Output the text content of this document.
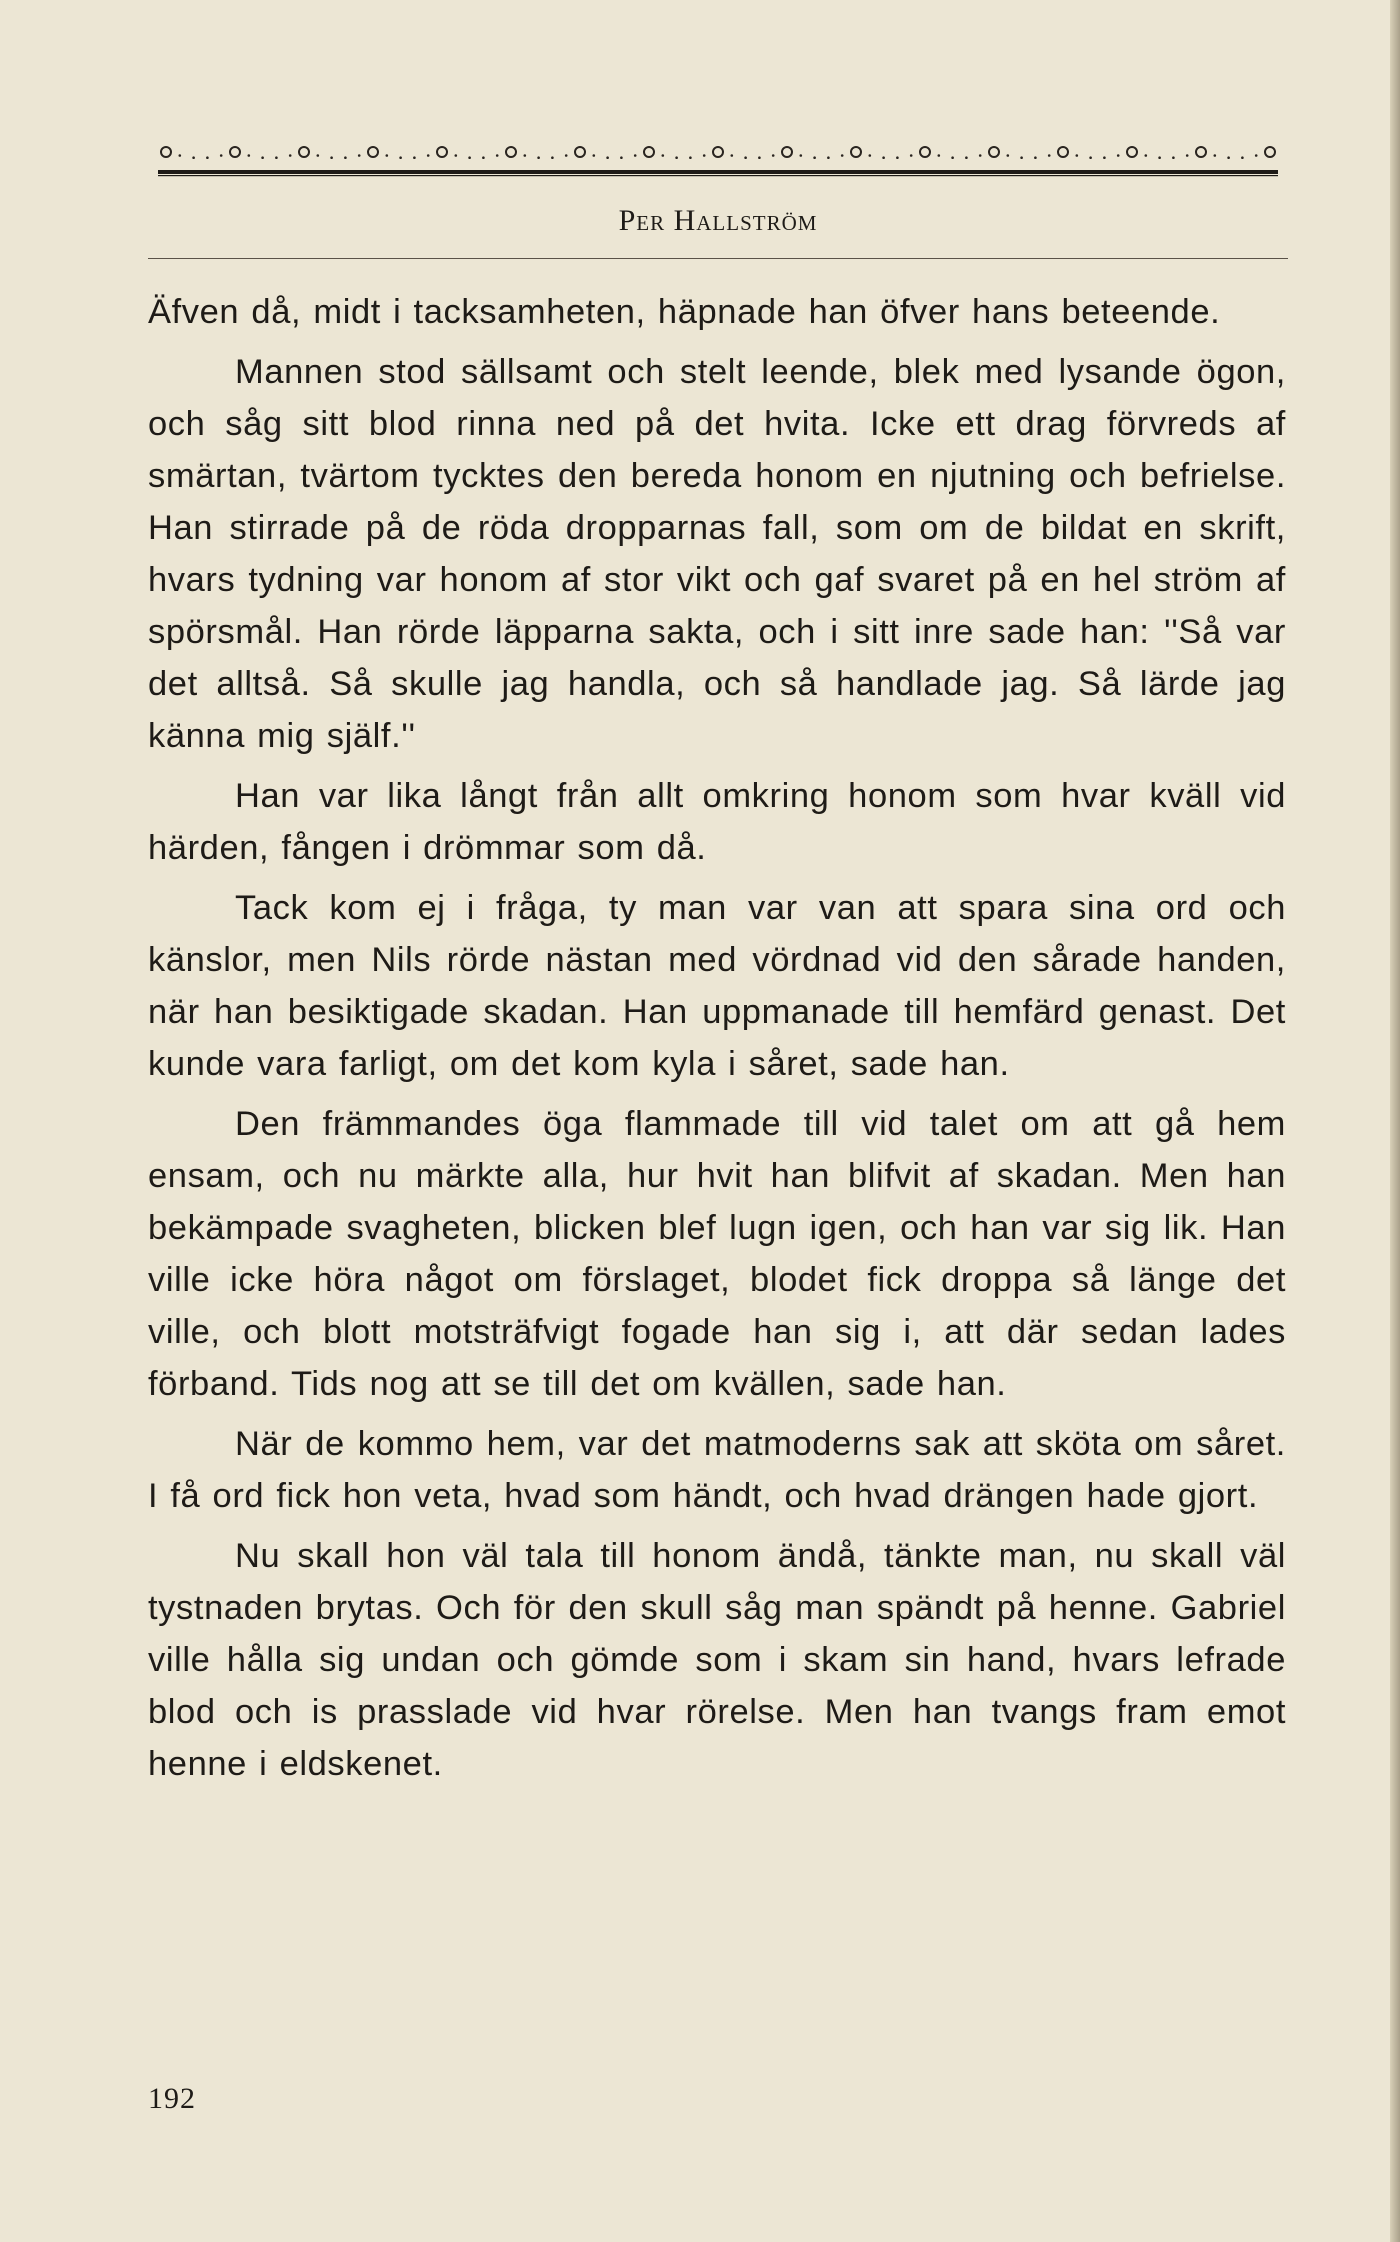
Per Hallström

Äfven då, midt i tacksamheten, häpnade han öfver hans beteende.

Mannen stod sällsamt och stelt leende, blek med lysande ögon, och såg sitt blod rinna ned på det hvita. Icke ett drag förvreds af smärtan, tvärtom tycktes den bereda honom en njutning och befrielse. Han stirrade på de röda dropparnas fall, som om de bildat en skrift, hvars tydning var honom af stor vikt och gaf svaret på en hel ström af spörsmål. Han rörde läpparna sakta, och i sitt inre sade han: ''Så var det alltså. Så skulle jag handla, och så handlade jag. Så lärde jag känna mig själf.''

Han var lika långt från allt omkring honom som hvar kväll vid härden, fången i drömmar som då.

Tack kom ej i fråga, ty man var van att spara sina ord och känslor, men Nils rörde nästan med vördnad vid den sårade handen, när han besiktigade skadan. Han uppmanade till hemfärd genast. Det kunde vara farligt, om det kom kyla i såret, sade han.

Den främmandes öga flammade till vid talet om att gå hem ensam, och nu märkte alla, hur hvit han blifvit af skadan. Men han bekämpade svagheten, blicken blef lugn igen, och han var sig lik. Han ville icke höra något om förslaget, blodet fick droppa så länge det ville, och blott motsträfvigt fogade han sig i, att där sedan lades förband. Tids nog att se till det om kvällen, sade han.

När de kommo hem, var det matmoderns sak att sköta om såret. I få ord fick hon veta, hvad som händt, och hvad drängen hade gjort.

Nu skall hon väl tala till honom ändå, tänkte man, nu skall väl tystnaden brytas. Och för den skull såg man spändt på henne. Gabriel ville hålla sig undan och gömde som i skam sin hand, hvars lefrade blod och is prasslade vid hvar rörelse. Men han tvangs fram emot henne i eldskenet.

192
